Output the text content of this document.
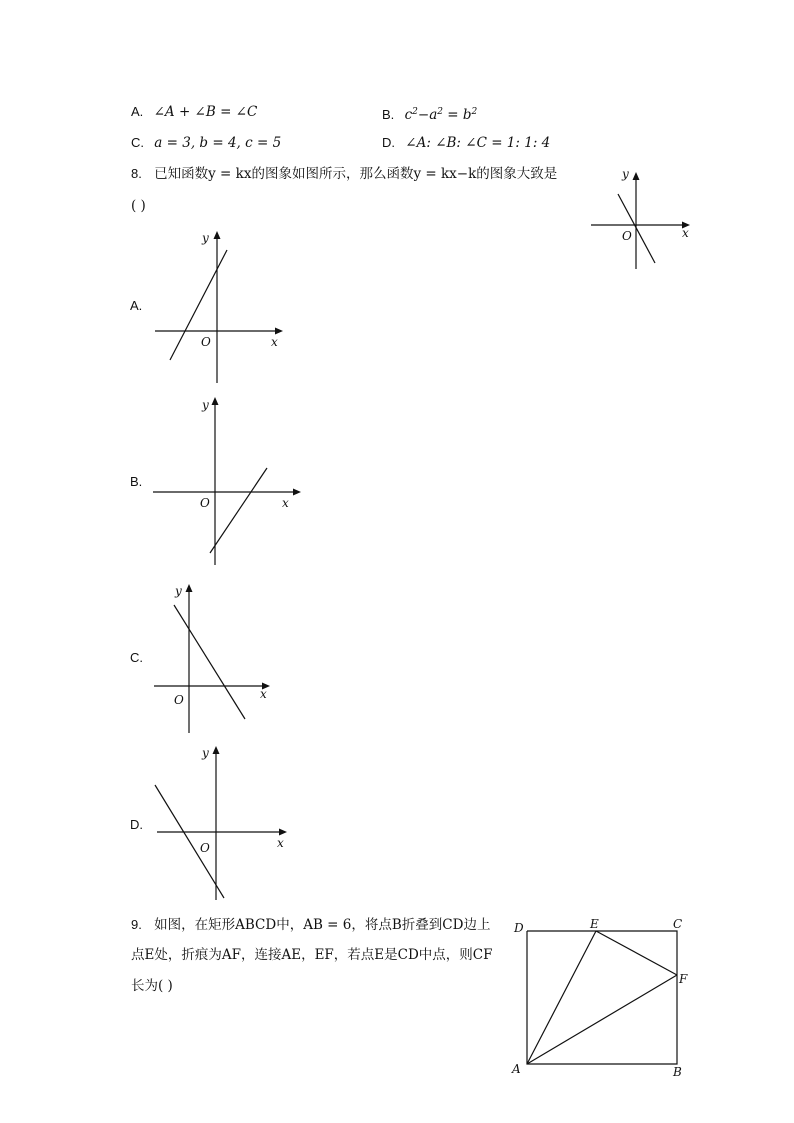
A. ∠A + ∠B = ∠C	B. $c^2-a^2 = b^2$
C. a = 3, b = 4, c = 5	D. ∠A: ∠B: ∠C = 1: 1: 4
8. 已知函数y = kx的图象如图所示，那么函数y = kx−k的图象大致是
( )
y
x
O
A.
y
x
O
B.
y
x
O
C.
y
x
O
D.
y
x
O
9. 如图，在矩形ABCD中，AB = 6，将点B折叠到CD边上
点E处，折痕为AF，连接AE，EF，若点E是CD中点，则CF
长为( )
D	E	C
F
A	B
